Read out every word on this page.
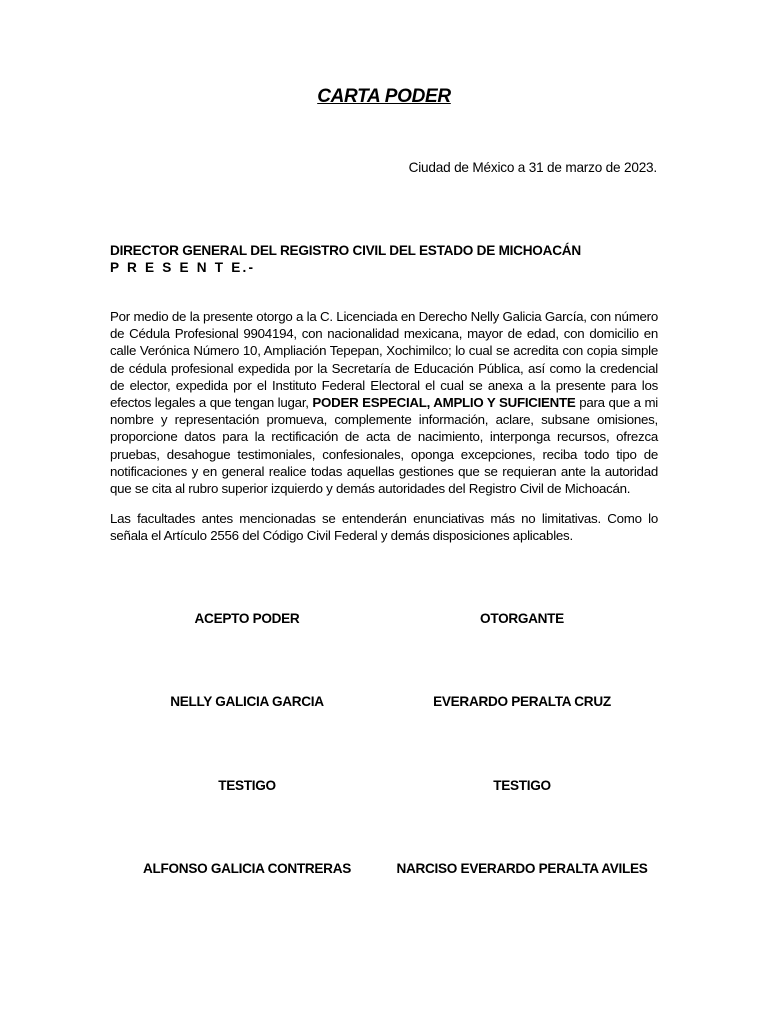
CARTA PODER
Ciudad de México a 31 de marzo de 2023.
DIRECTOR GENERAL DEL REGISTRO CIVIL DEL ESTADO DE MICHOACÁN
P R E S E N T E.-

Por medio de la presente otorgo a la C. Licenciada en Derecho Nelly Galicia García, con número de Cédula Profesional 9904194, con nacionalidad mexicana, mayor de edad, con domicilio en calle Verónica Número 10, Ampliación Tepepan, Xochimilco; lo cual se acredita con copia simple de cédula profesional expedida por la Secretaría de Educación Pública, así como la credencial de elector, expedida por el Instituto Federal Electoral el cual se anexa a la presente para los efectos legales a que tengan lugar, PODER ESPECIAL, AMPLIO Y SUFICIENTE para que a mi nombre y representación promueva, complemente información, aclare, subsane omisiones, proporcione datos para la rectificación de acta de nacimiento, interponga recursos, ofrezca pruebas, desahogue testimoniales, confesionales, oponga excepciones, reciba todo tipo de notificaciones y en general realice todas aquellas gestiones que se requieran ante la autoridad que se cita al rubro superior izquierdo y demás autoridades del Registro Civil de Michoacán.

Las facultades antes mencionadas se entenderán enunciativas más no limitativas. Como lo señala el Artículo 2556 del Código Civil Federal y demás disposiciones aplicables.

ACEPTO PODER	OTORGANTE
NELLY GALICIA GARCIA	EVERARDO PERALTA CRUZ
TESTIGO	TESTIGO
ALFONSO GALICIA CONTRERAS	NARCISO EVERARDO PERALTA AVILES
